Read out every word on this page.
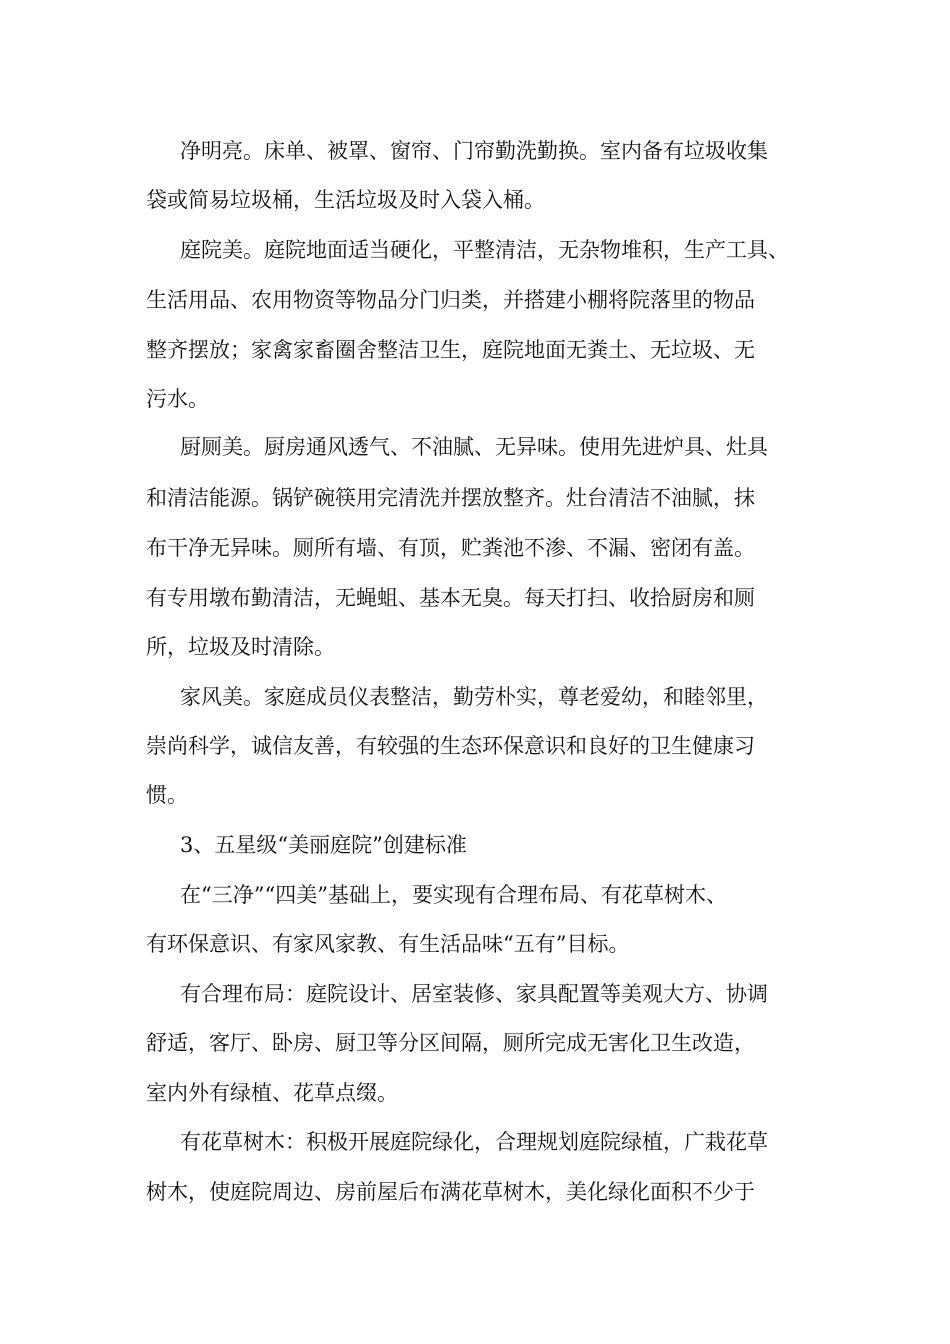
净明亮。床单、被罩、窗帘、门帘勤洗勤换。室内备有垃圾收集
袋或简易垃圾桶，生活垃圾及时入袋入桶。
庭院美。庭院地面适当硬化，平整清洁，无杂物堆积，生产工具、
生活用品、农用物资等物品分门归类，并搭建小棚将院落里的物品
整齐摆放；家禽家畜圈舍整洁卫生，庭院地面无粪土、无垃圾、无
污水。
厨厕美。厨房通风透气、不油腻、无异味。使用先进炉具、灶具
和清洁能源。锅铲碗筷用完清洗并摆放整齐。灶台清洁不油腻，抹
布干净无异味。厕所有墙、有顶，贮粪池不渗、不漏、密闭有盖。
有专用墩布勤清洁，无蝇蛆、基本无臭。每天打扫、收拾厨房和厕
所，垃圾及时清除。
家风美。家庭成员仪表整洁，勤劳朴实，尊老爱幼，和睦邻里，
崇尚科学，诚信友善，有较强的生态环保意识和良好的卫生健康习
惯。
3、五星级“美丽庭院”创建标准
在“三净”“四美”基础上，要实现有合理布局、有花草树木、
有环保意识、有家风家教、有生活品味“五有”目标。
有合理布局：庭院设计、居室装修、家具配置等美观大方、协调
舒适，客厅、卧房、厨卫等分区间隔，厕所完成无害化卫生改造，
室内外有绿植、花草点缀。
有花草树木：积极开展庭院绿化，合理规划庭院绿植，广栽花草
树木，使庭院周边、房前屋后布满花草树木，美化绿化面积不少于
